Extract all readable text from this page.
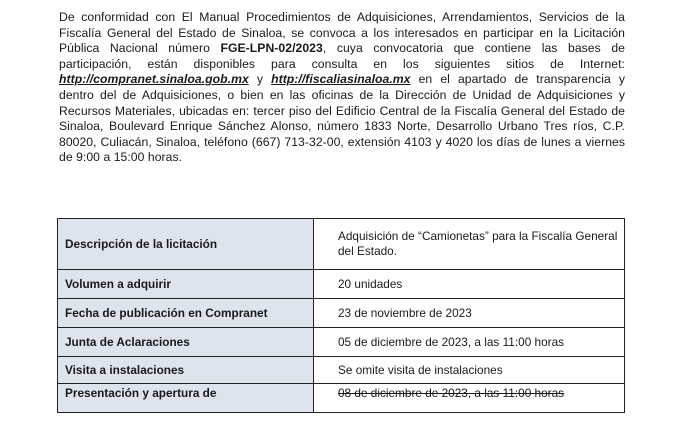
De conformidad con El Manual Procedimientos de Adquisiciones, Arrendamientos, Servicios de la Fiscalía General del Estado de Sinaloa, se convoca a los interesados en participar en la Licitación Pública Nacional número FGE-LPN-02/2023, cuya convocatoria que contiene las bases de participación, están disponibles para consulta en los siguientes sitios de Internet: http://compranet.sinaloa.gob.mx y http://fiscaliasinaloa.mx en el apartado de transparencia y dentro del de Adquisiciones, o bien en las oficinas de la Dirección de Unidad de Adquisiciones y Recursos Materiales, ubicadas en: tercer piso del Edificio Central de la Fiscalía General del Estado de Sinaloa, Boulevard Enrique Sánchez Alonso, número 1833 Norte, Desarrollo Urbano Tres ríos, C.P. 80020, Culiacán, Sinaloa, teléfono (667) 713-32-00, extensión 4103 y 4020 los días de lunes a viernes de 9:00 a 15:00 horas.

Descripción de la licitación	Adquisición de “Camionetas” para la Fiscalía General del Estado.
Volumen a adquirir	20 unidades
Fecha de publicación en Compranet	23 de noviembre de 2023
Junta de Aclaraciones	05 de diciembre de 2023, a las 11:00 horas
Visita a instalaciones	Se omite visita de instalaciones
Presentación y apertura de	08 de diciembre de 2023, a las 11:00 horas
